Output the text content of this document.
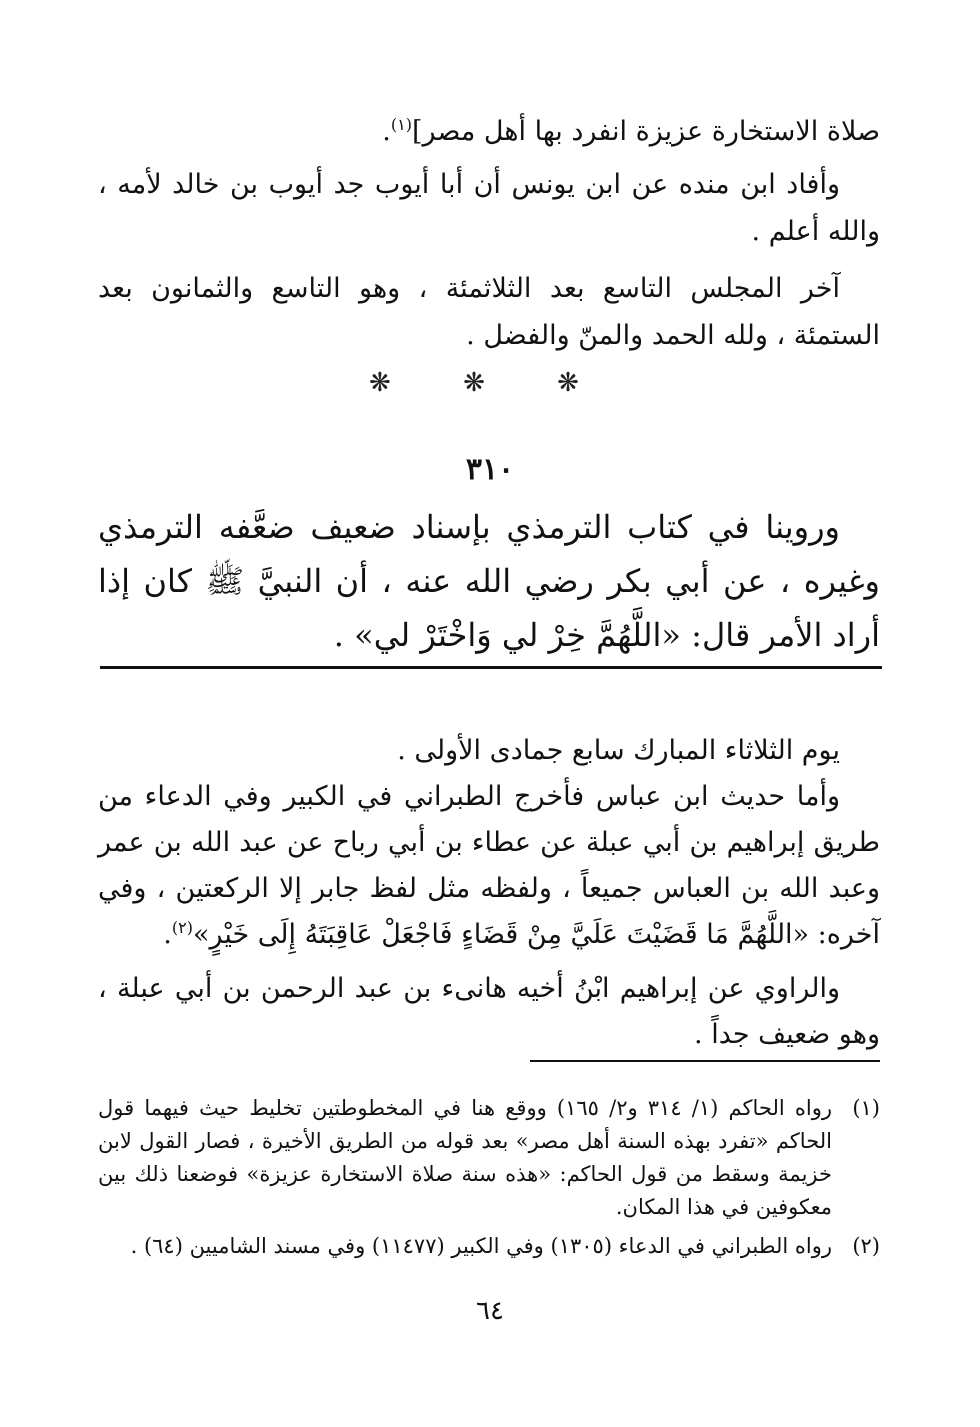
صلاة الاستخارة عزيزة انفرد بها أهل مصر]$^{(١)}$.

وأفاد ابن منده عن ابن يونس أن أبا أيوب جد أيوب بن خالد لأمه ، والله أعلم .

آخر المجلس التاسع بعد الثلاثمئة ، وهو التاسع والثمانون بعد الستمئة ، ولله الحمد والمنّ والفضل .

❋ ❋ ❋
٣١٠

وروينا في كتاب الترمذي بإسناد ضعيف ضعَّفه الترمذي وغيره ، عن أبي بكر رضي الله عنه ، أن النبيَّ ﷺ كان إذا أراد الأمر قال: «اللَّهُمَّ خِرْ لي وَاخْتَرْ لي» .

يوم الثلاثاء المبارك سابع جمادى الأولى .

وأما حديث ابن عباس فأخرج الطبراني في الكبير وفي الدعاء من طريق إبراهيم بن أبي عبلة عن عطاء بن أبي رباح عن عبد الله بن عمر وعبد الله بن العباس جميعاً ، ولفظه مثل لفظ جابر إلا الركعتين ، وفي آخره: «اللَّهُمَّ مَا قَضَيْتَ عَلَيَّ مِنْ قَضَاءٍ فَاجْعَلْ عَاقِبَتَهُ إِلَى خَيْرٍ»$^{(٢)}$.

والراوي عن إبراهيم ابْنُ أخيه هانىء بن عبد الرحمن بن أبي عبلة ، وهو ضعيف جداً .

(١)
رواه الحاكم (١/ ٣١٤ و٢/ ١٦٥) ووقع هنا في المخطوطتين تخليط حيث فيهما قول الحاكم «تفرد بهذه السنة أهل مصر» بعد قوله من الطريق الأخيرة ، فصار القول لابن خزيمة وسقط من قول الحاكم: «هذه سنة صلاة الاستخارة عزيزة» فوضعنا ذلك بين معكوفين في هذا المكان.
(٢)
رواه الطبراني في الدعاء (١٣٠٥) وفي الكبير (١١٤٧٧) وفي مسند الشاميين (٦٤) .
٦٤
